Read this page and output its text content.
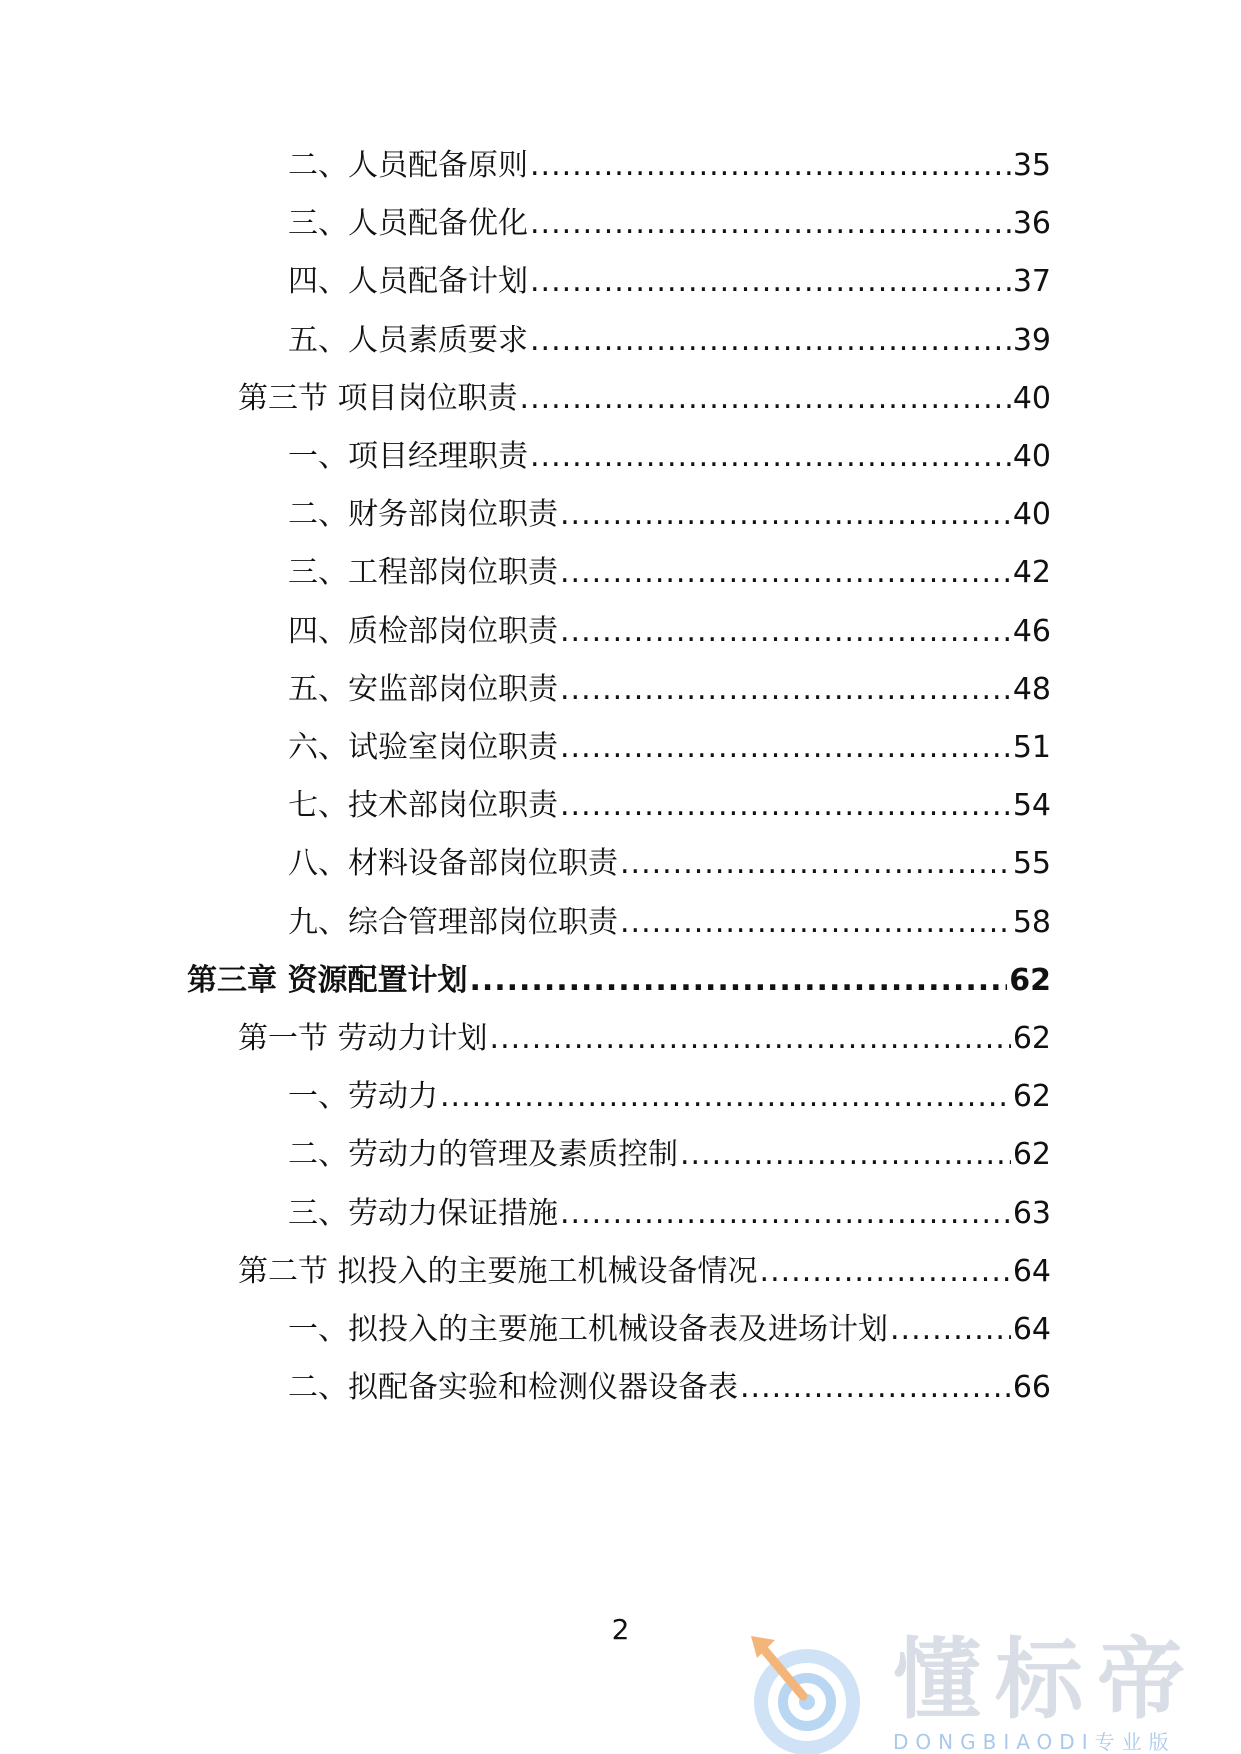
二、人员配备原则 .....	35
三、人员配备优化 .....	36
四、人员配备计划 .....	37
五、人员素质要求 .....	39
第三节 项目岗位职责 .....	40
一、项目经理职责 .....	40
二、财务部岗位职责 .....	40
三、工程部岗位职责 .....	42
四、质检部岗位职责 .....	46
五、安监部岗位职责 .....	48
六、试验室岗位职责 .....	51
七、技术部岗位职责 .....	54
八、材料设备部岗位职责 .....	55
九、综合管理部岗位职责 .....	58
第三章 资源配置计划 .....	62
第一节 劳动力计划 .....	62
一、劳动力 .....	62
二、劳动力的管理及素质控制 .....	62
三、劳动力保证措施 .....	63
第二节 拟投入的主要施工机械设备情况 .....	64
一、拟投入的主要施工机械设备表及进场计划 .....	64
二、拟配备实验和检测仪器设备表 .....	66
2	懂标帝
DONGBIAODI专业版
